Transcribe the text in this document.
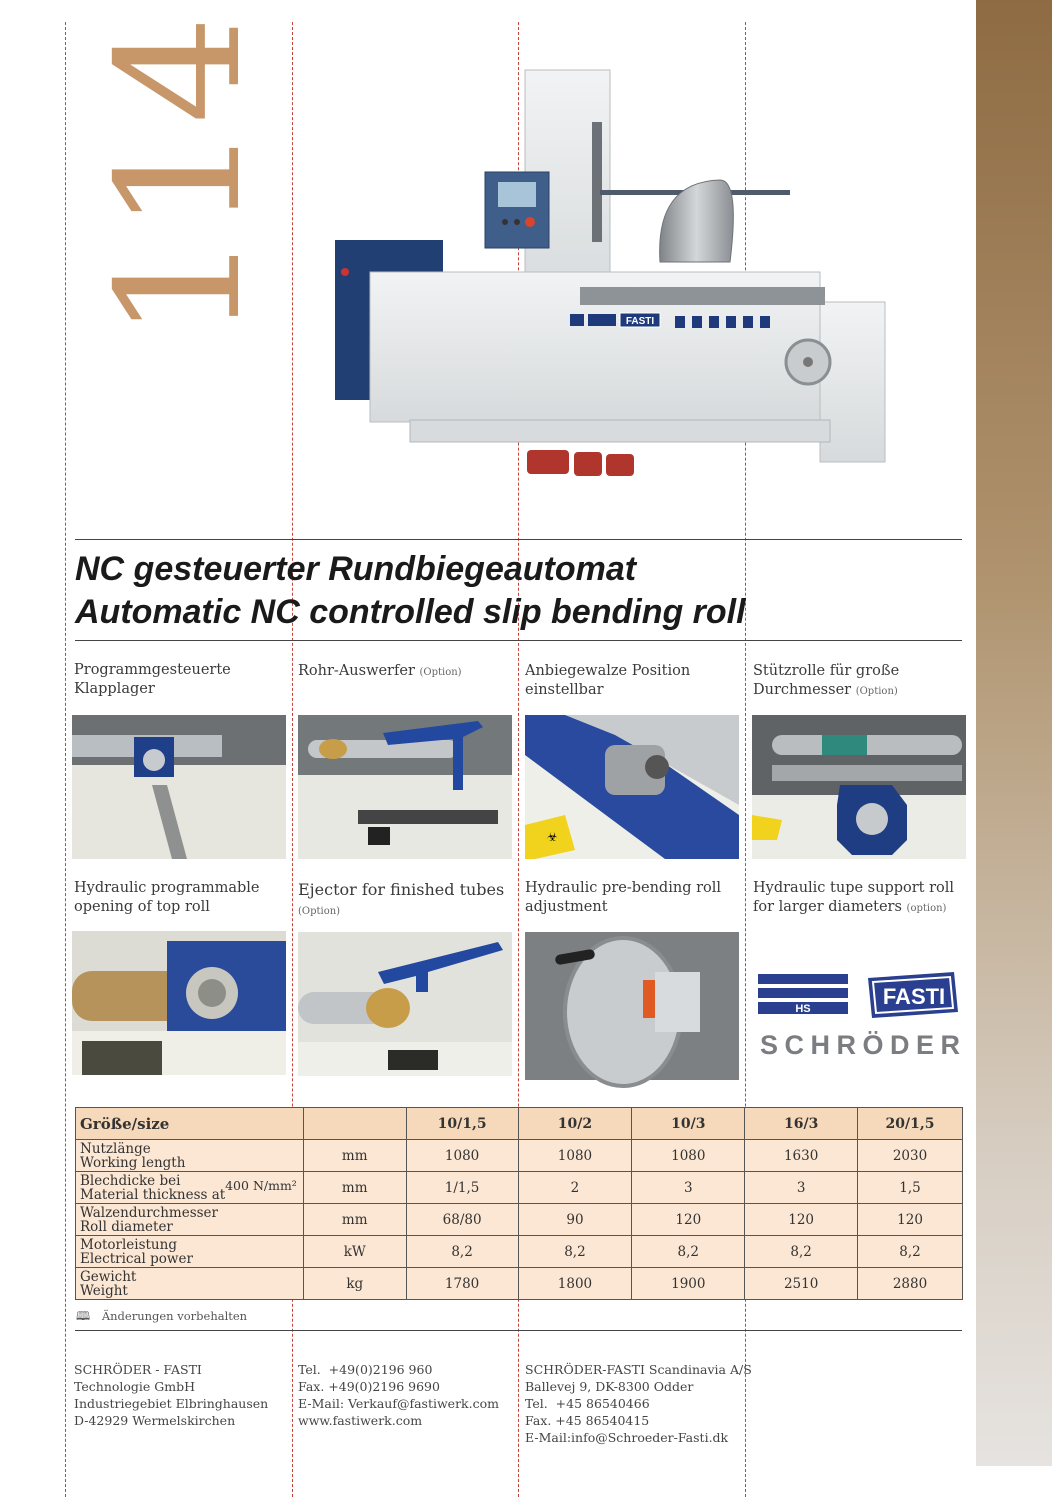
114	FASTI
NC gesteuerter Rundbiegeautomat
Automatic NC controlled slip bending roll
Programmgesteuerte
Klapplager
Rohr-Auswerfer (Option)	Anbiegewalze Position
einstellbar
Stützrolle für große
Durchmesser (Option)
☣
Hydraulic programmable
opening of top roll
Ejector for finished tubes
(Option)
Hydraulic pre-bending roll
adjustment
Hydraulic tupe support roll
for larger diameters (option)
HS	FASTI
SCHRÖDER
Größe/size		10/1,5	10/2	10/3	16/3	20/1,5
Nutzlänge
Working length	mm	1080	1080	1080	1630	2030
Blechdicke bei
Material thickness at
400 N/mm²	mm	1/1,5	2	3	3	1,5
Walzendurchmesser
Roll diameter	mm	68/80	90	120	120	120
Motorleistung
Electrical power	kW	8,2	8,2	8,2	8,2	8,2
Gewicht
Weight	kg	1780	1800	1900	2510	2880
🕮 Änderungen vorbehalten
SCHRÖDER - FASTI
Technologie GmbH
Industriegebiet Elbringhausen
D-42929 Wermelskirchen
Tel.  +49(0)2196 960
Fax. +49(0)2196 9690
E-Mail: Verkauf@fastiwerk.com
www.fastiwerk.com
SCHRÖDER-FASTI Scandinavia A/S
Ballevej 9, DK-8300 Odder
Tel.  +45 86540466
Fax. +45 86540415
E-Mail:info@Schroeder-Fasti.dk
